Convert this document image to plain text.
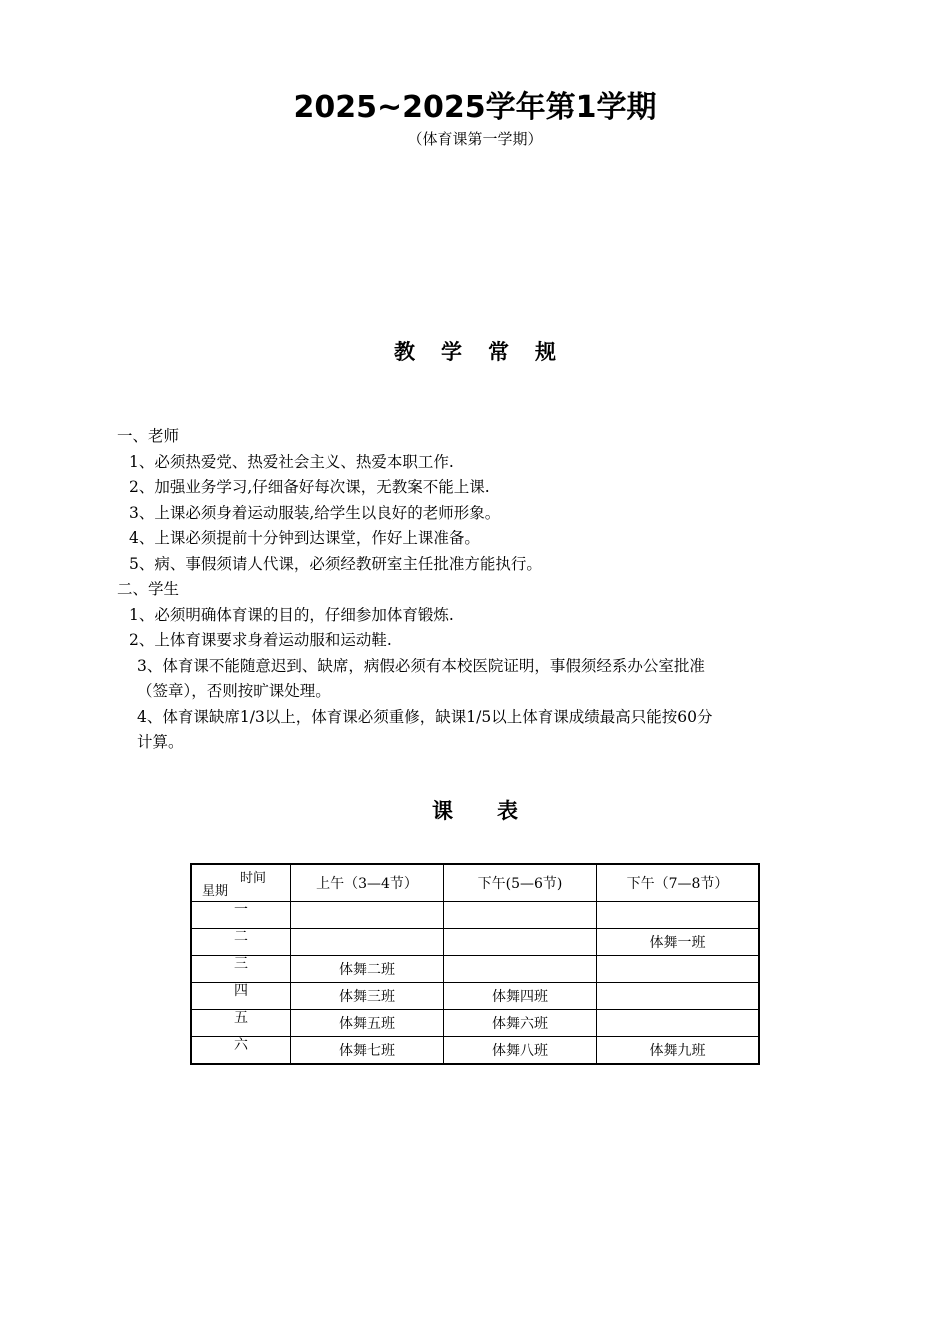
2025~2025学年第1学期

（体育课第一学期）

教学常规
一、老师
1、必须热爱党、热爱社会主义、热爱本职工作.
2、加强业务学习,仔细备好每次课，无教案不能上课.
3、上课必须身着运动服装,给学生以良好的老师形象。
4、上课必须提前十分钟到达课堂，作好上课准备。
5、病、事假须请人代课，必须经教研室主任批准方能执行。
二、学生
1、必须明确体育课的目的，仔细参加体育锻炼.
2、上体育课要求身着运动服和运动鞋.
3、体育课不能随意迟到、缺席，病假必须有本校医院证明，事假须经系办公室批准
（签章），否则按旷课处理。
4、体育课缺席1/3以上，体育课必须重修，缺课1/5以上体育课成绩最高只能按60分
计算。
课表
时间
星期	上午（3—4节）	下午(5—6节)	下午（7—8节）
一			
二			体舞一班
三	体舞二班		
四	体舞三班	体舞四班	
五	体舞五班	体舞六班	
六	体舞七班	体舞八班	体舞九班
